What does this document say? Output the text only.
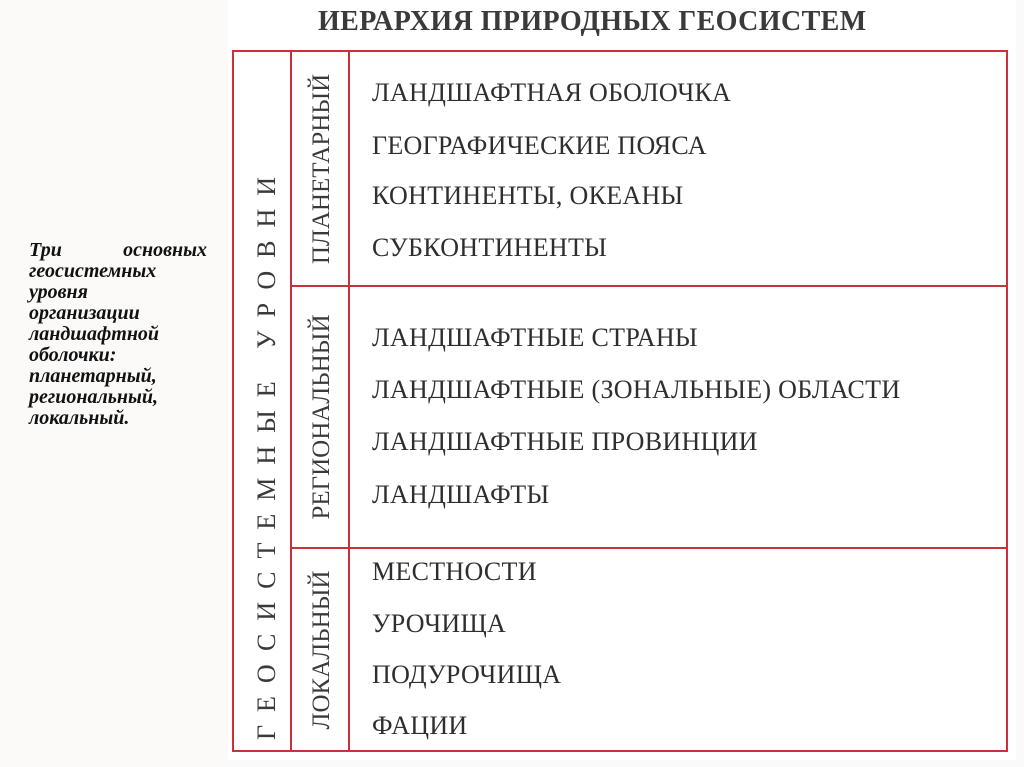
Три	основных
геосистемных
уровня
организации
ландшафтной
оболочки:
планетарный,
региональный,
локальный.
ИЕРАРХИЯ ПРИРОДНЫХ ГЕОСИСТЕМ
ГЕОСИСТЕМНЫЕ УРОВНИ ПЛАНЕТАРНЫЙ ЛАНДШАФТНАЯ ОБОЛОЧКА
ГЕОГРАФИЧЕСКИЕ ПОЯСА
КОНТИНЕНТЫ, ОКЕАНЫ
СУБКОНТИНЕНТЫ
РЕГИОНАЛЬНЫЙ ЛАНДШАФТНЫЕ СТРАНЫ
ЛАНДШАФТНЫЕ (ЗОНАЛЬНЫЕ) ОБЛАСТИ
ЛАНДШАФТНЫЕ ПРОВИНЦИИ
ЛАНДШАФТЫ
ЛОКАЛЬНЫЙ МЕСТНОСТИ
УРОЧИЩА
ПОДУРОЧИЩА
ФАЦИИ
